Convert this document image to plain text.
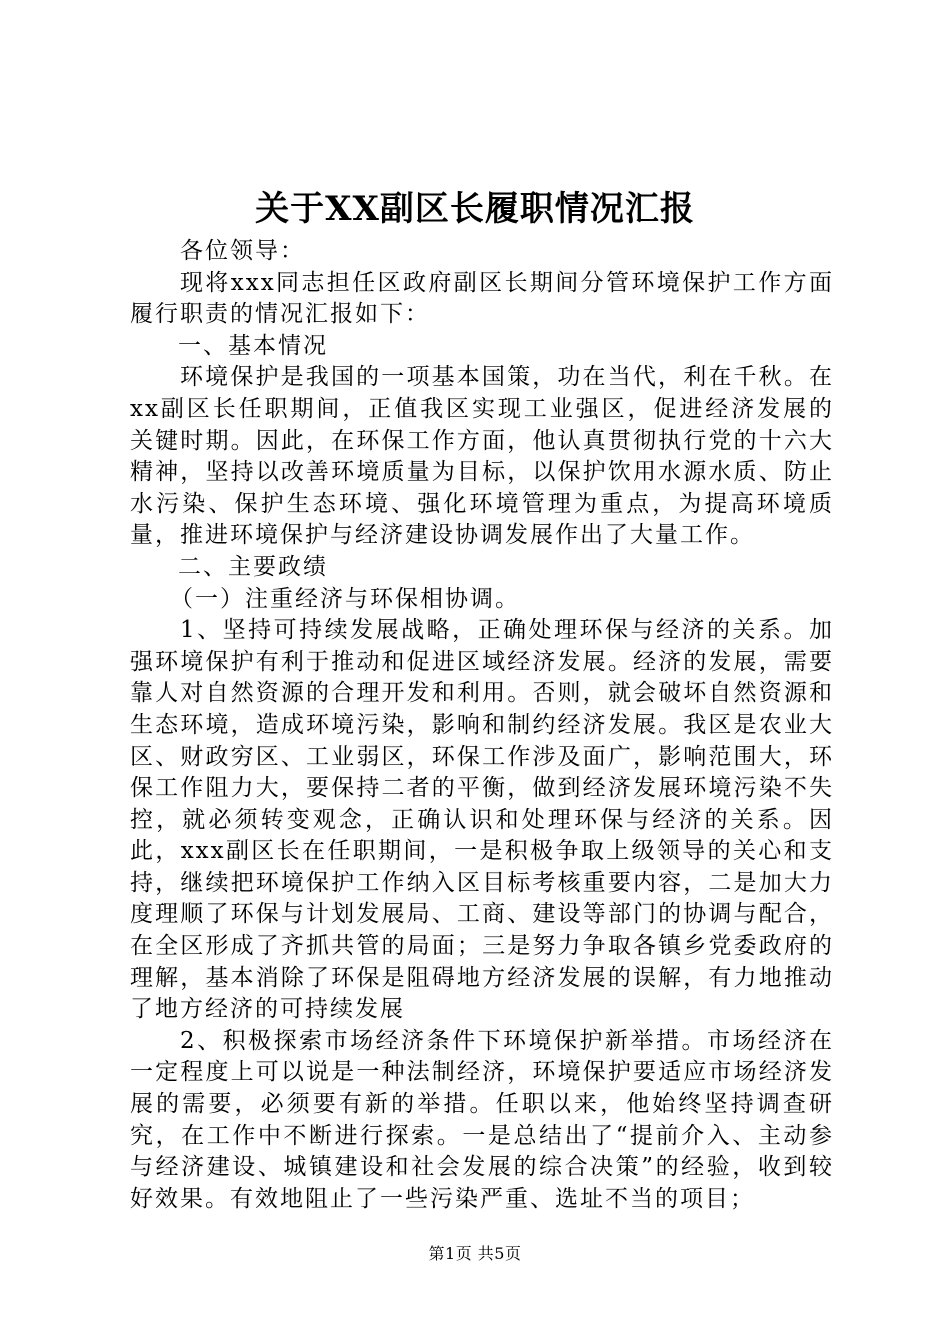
关于XX副区长履职情况汇报

各位领导：

现将xxx同志担任区政府副区长期间分管环境保护工作方面履行职责的情况汇报如下：

一、基本情况

环境保护是我国的一项基本国策，功在当代，利在千秋。在xx副区长任职期间，正值我区实现工业强区，促进经济发展的关键时期。因此，在环保工作方面，他认真贯彻执行党的十六大精神，坚持以改善环境质量为目标，以保护饮用水源水质、防止水污染、保护生态环境、强化环境管理为重点，为提高环境质量，推进环境保护与经济建设协调发展作出了大量工作。

二、主要政绩

（一）注重经济与环保相协调。

1、坚持可持续发展战略，正确处理环保与经济的关系。加强环境保护有利于推动和促进区域经济发展。经济的发展，需要靠人对自然资源的合理开发和利用。否则，就会破坏自然资源和生态环境，造成环境污染，影响和制约经济发展。我区是农业大区、财政穷区、工业弱区，环保工作涉及面广，影响范围大，环保工作阻力大，要保持二者的平衡，做到经济发展环境污染不失控，就必须转变观念，正确认识和处理环保与经济的关系。因此，xxx副区长在任职期间，一是积极争取上级领导的关心和支持，继续把环境保护工作纳入区目标考核重要内容，二是加大力度理顺了环保与计划发展局、工商、建设等部门的协调与配合，在全区形成了齐抓共管的局面；三是努力争取各镇乡党委政府的理解，基本消除了环保是阻碍地方经济发展的误解，有力地推动了地方经济的可持续发展

2、积极探索市场经济条件下环境保护新举措。市场经济在一定程度上可以说是一种法制经济，环境保护要适应市场经济发展的需要，必须要有新的举措。任职以来，他始终坚持调查研究，在工作中不断进行探索。一是总结出了“提前介入、主动参与经济建设、城镇建设和社会发展的综合决策”的经验，收到较好效果。有效地阻止了一些污染严重、选址不当的项目；

第1页 共5页
